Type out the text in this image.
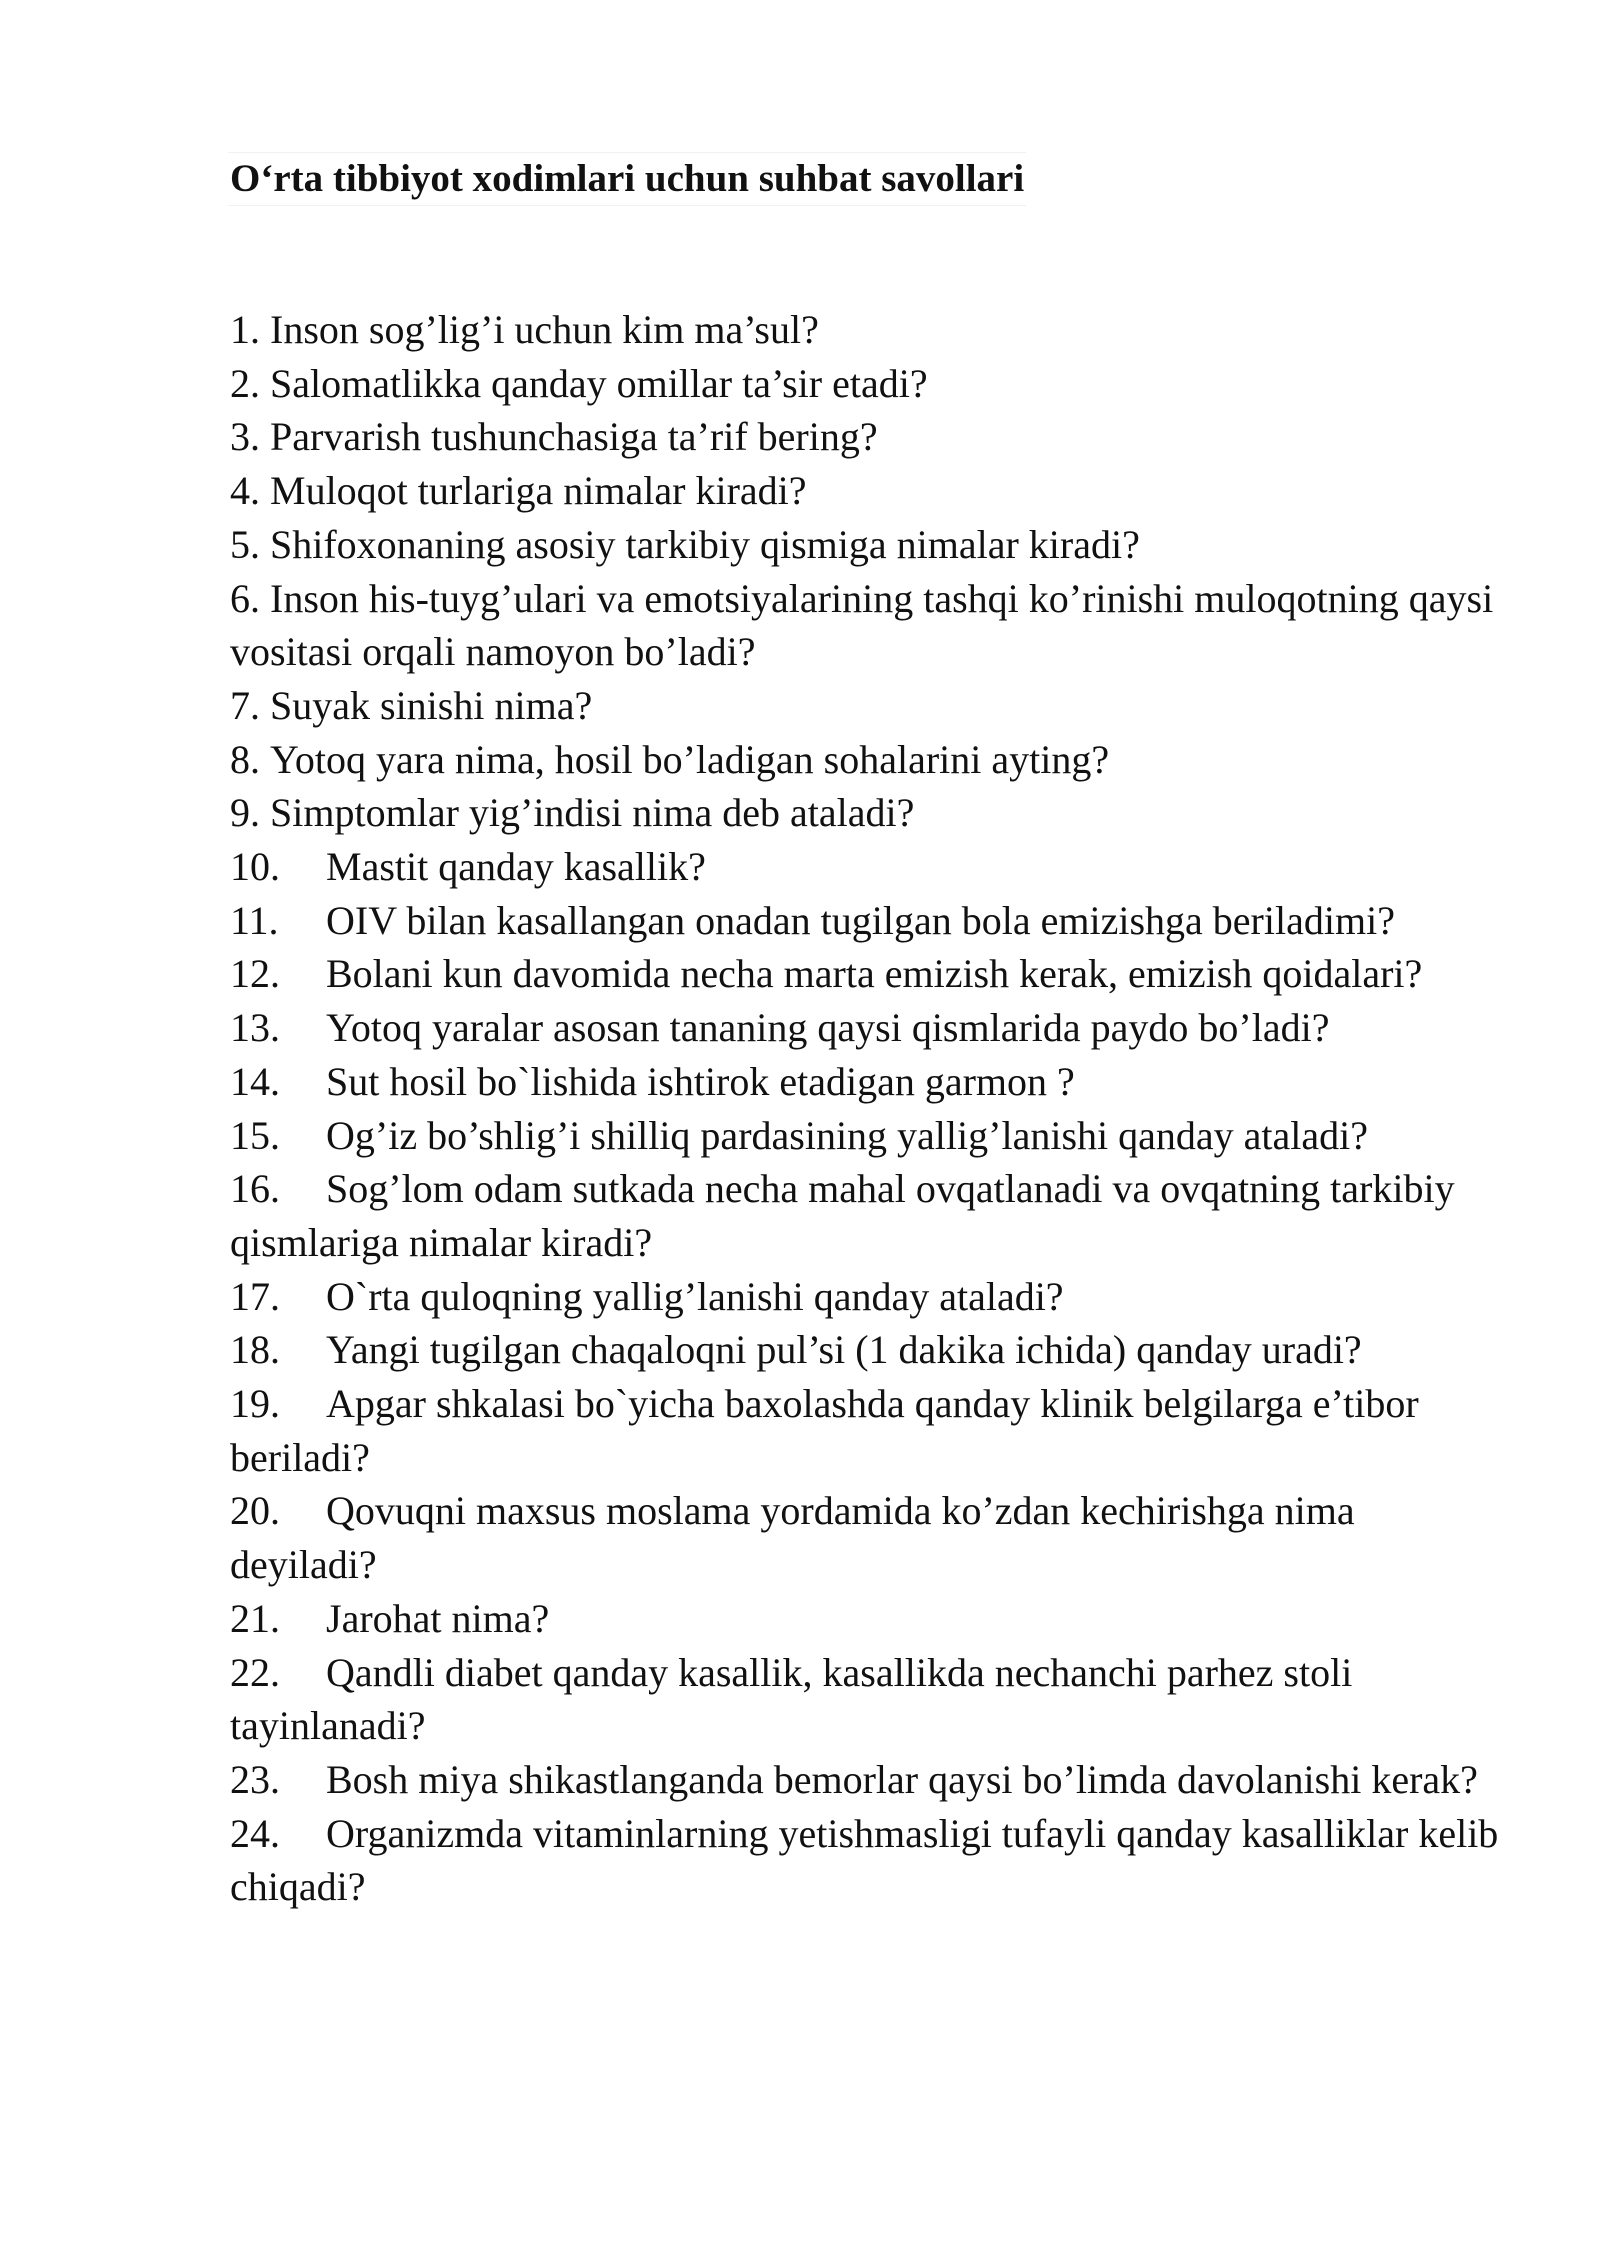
O‘rta tibbiyot xodimlari uchun suhbat savollari
1. Inson sog’lig’i uchun kim ma’sul?
2. Salomatlikka qanday omillar ta’sir etadi?
3. Parvarish tushunchasiga ta’rif bering?
4. Muloqot turlariga nimalar kiradi?
5. Shifoxonaning asosiy tarkibiy qismiga nimalar kiradi?
6. Inson his-tuyg’ulari va emotsiyalarining tashqi ko’rinishi muloqotning qaysi vositasi orqali namoyon bo’ladi?
7. Suyak sinishi nima?
8. Yotoq yara nima, hosil bo’ladigan sohalarini ayting?
9. Simptomlar yig’indisi nima deb ataladi?
10. Mastit qanday kasallik?
11. OIV bilan kasallangan onadan tugilgan bola emizishga beriladimi?
12. Bolani kun davomida necha marta emizish kerak, emizish qoidalari?
13. Yotoq yaralar asosan tananing qaysi qismlarida paydo bo’ladi?
14. Sut hosil bo`lishida ishtirok etadigan garmon ?
15. Og’iz bo’shlig’i shilliq pardasining yallig’lanishi qanday ataladi?
16. Sog’lom odam sutkada necha mahal ovqatlanadi va ovqatning tarkibiy qismlariga nimalar kiradi?
17. O`rta quloqning yallig’lanishi qanday ataladi?
18. Yangi tugilgan chaqaloqni pul’si (1 dakika ichida) qanday uradi?
19. Apgar shkalasi bo`yicha baxolashda qanday klinik belgilarga e’tibor beriladi?
20. Qovuqni maxsus moslama yordamida ko’zdan kechirishga nima deyiladi?
21. Jarohat nima?
22. Qandli diabet qanday kasallik, kasallikda nechanchi parhez stoli tayinlanadi?
23. Bosh miya shikastlanganda bemorlar qaysi bo’limda davolanishi kerak?
24. Organizmda vitaminlarning yetishmasligi tufayli qanday kasalliklar kelib chiqadi?
